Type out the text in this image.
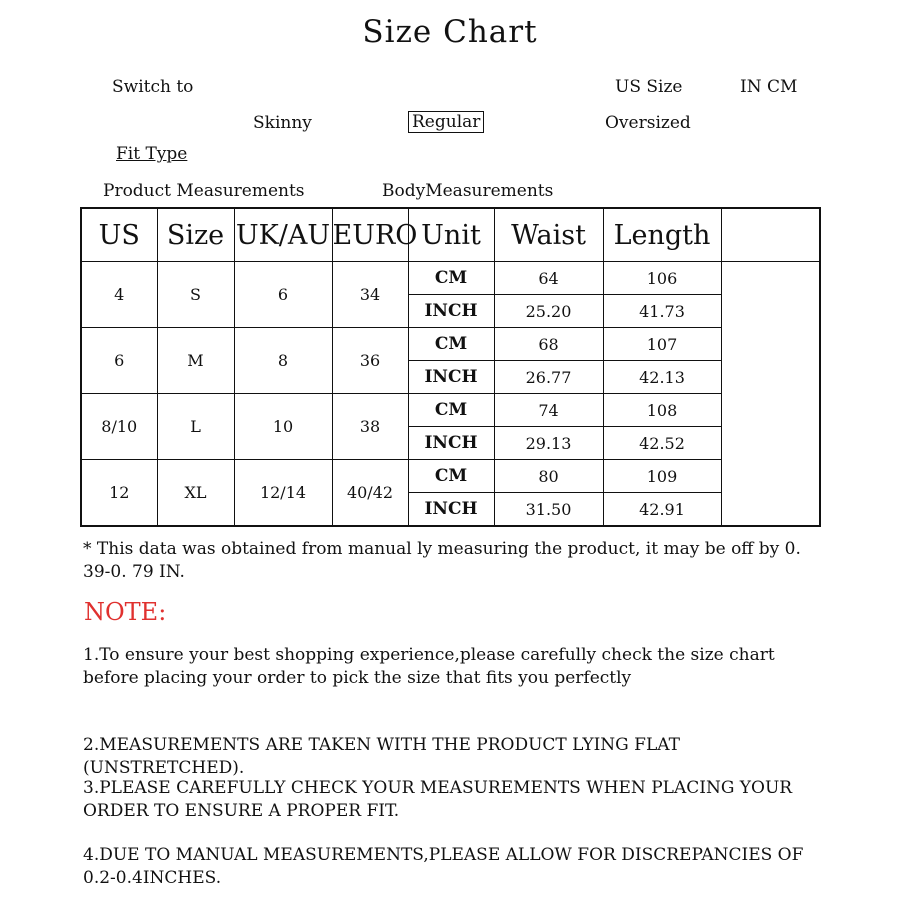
Size Chart
Switch to	US Size	IN CM
Skinny	Regular	Oversized
Fit Type
Product Measurements	BodyMeasurements
US	Size	UK/AU	EURO	Unit	Waist	Length	
4	S	6	34	CM	64	106	
				INCH	25.20	41.73	
6	M	8	36	CM	68	107	
				INCH	26.77	42.13	
8/10	L	10	38	CM	74	108	
				INCH	29.13	42.52	
12	XL	12/14	40/42	CM	80	109	
				INCH	31.50	42.91	
* This data was obtained from manual ly measuring the product, it may be off by 0. 39-0. 79 IN.
NOTE:
1.To ensure your best shopping experience,please carefully check the size chart before placing your order to pick the size that fits you perfectly
2.MEASUREMENTS ARE TAKEN WITH THE PRODUCT LYING FLAT (UNSTRETCHED).
3.PLEASE CAREFULLY CHECK YOUR MEASUREMENTS WHEN PLACING YOUR ORDER TO ENSURE A PROPER FIT.
4.DUE TO MANUAL MEASUREMENTS,PLEASE ALLOW FOR DISCREPANCIES OF 0.2-0.4INCHES.
